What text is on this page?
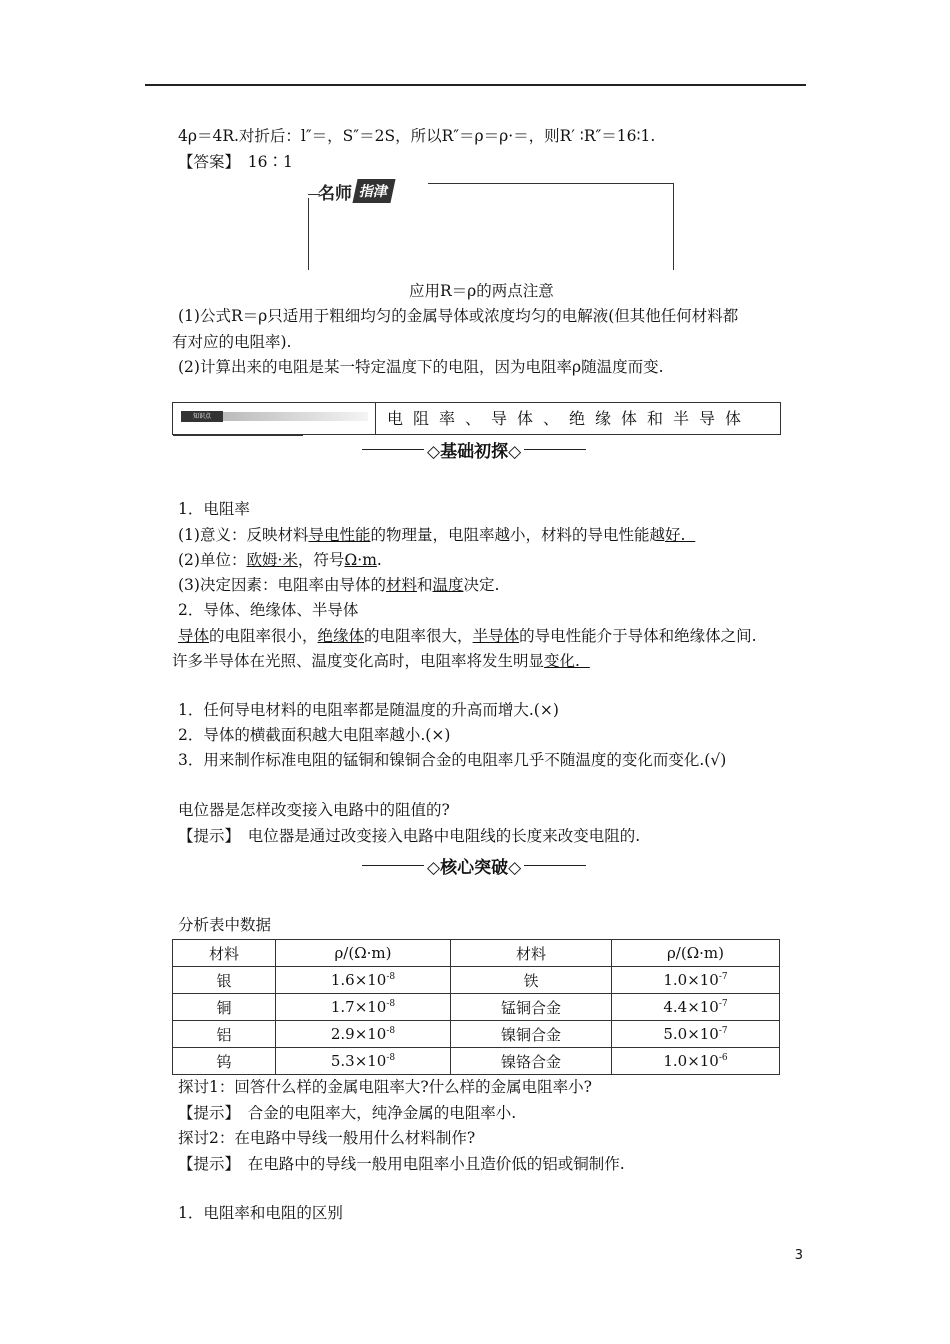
4ρ＝4R.对折后：l″＝，S″＝2S，所以R″＝ρ＝ρ·＝，则R′ ∶R″＝16∶1.
【答案】　16∶1
名师 指津
应用R＝ρ的两点注意
(1)公式R＝ρ只适用于粗细均匀的金属导体或浓度均匀的电解液(但其他任何材料都
有对应的电阻率).
(2)计算出来的电阻是某一特定温度下的电阻，因为电阻率ρ随温度而变.
知识点	电阻率、导体、绝缘体和半导体
◇基础初探◇
1．电阻率
(1)意义：反映材料导电性能的物理量，电阻率越小，材料的导电性能越好.
(2)单位：欧姆·米，符号Ω·m.
(3)决定因素：电阻率由导体的材料和温度决定.
2．导体、绝缘体、半导体
导体的电阻率很小，绝缘体的电阻率很大，半导体的导电性能介于导体和绝缘体之间.
许多半导体在光照、温度变化高时，电阻率将发生明显变化.
1．任何导电材料的电阻率都是随温度的升高而增大.(×)
2．导体的横截面积越大电阻率越小.(×)
3．用来制作标准电阻的锰铜和镍铜合金的电阻率几乎不随温度的变化而变化.(√)
电位器是怎样改变接入电路中的阻值的?
【提示】　电位器是通过改变接入电路中电阻线的长度来改变电阻的.
◇核心突破◇
分析表中数据
材料	ρ/(Ω·m)	材料	ρ/(Ω·m)
银	$1.6\times 10^{-8}$	铁	$1.0\times 10^{-7}$
铜	$1.7\times 10^{-8}$	锰铜合金	$4.4\times 10^{-7}$
铝	$2.9\times 10^{-8}$	镍铜合金	$5.0\times 10^{-7}$
钨	$5.3\times 10^{-8}$	镍铬合金	$1.0\times 10^{-6}$
探讨1：回答什么样的金属电阻率大?什么样的金属电阻率小?
【提示】　合金的电阻率大，纯净金属的电阻率小.
探讨2：在电路中导线一般用什么材料制作?
【提示】　在电路中的导线一般用电阻率小且造价低的铝或铜制作.
1．电阻率和电阻的区别
3
